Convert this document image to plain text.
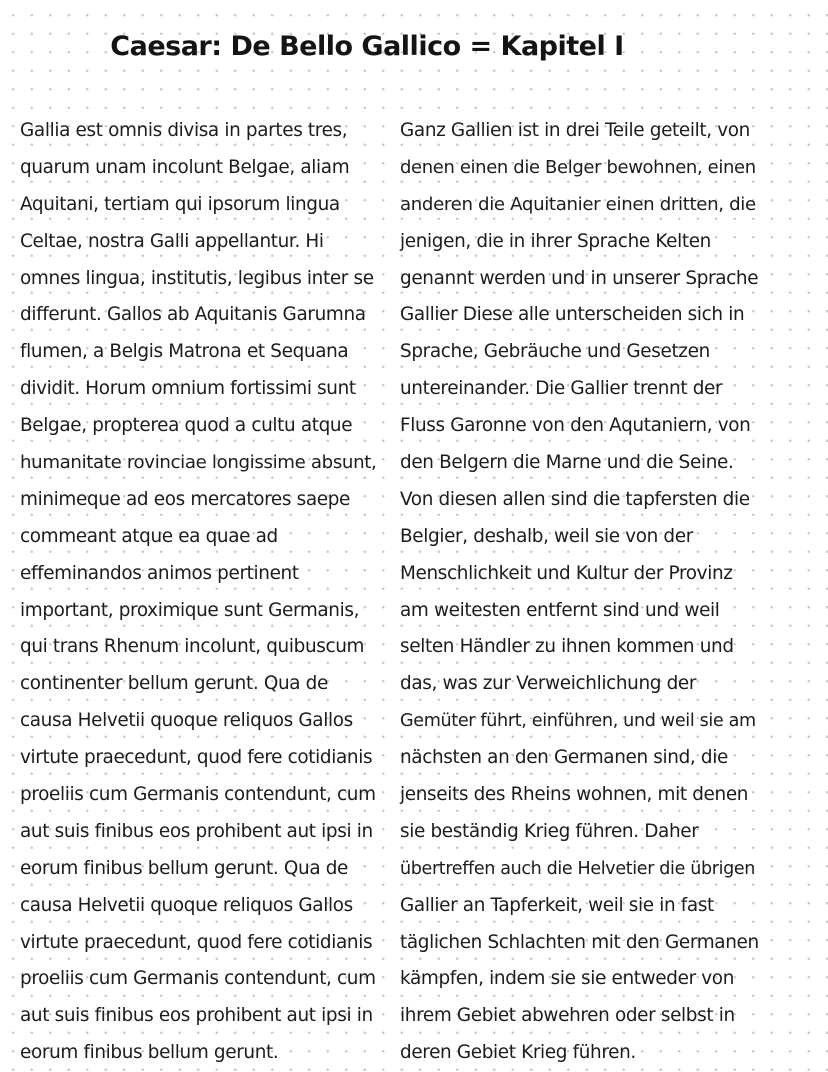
Caesar: De Bello Gallico = Kapitel I
Gallia est omnis divisa in partes tres,
quarum unam incolunt Belgae, aliam
Aquitani, tertiam qui ipsorum lingua
Celtae, nostra Galli appellantur. Hi
omnes lingua, institutis, legibus inter se
differunt. Gallos ab Aquitanis Garumna
flumen, a Belgis Matrona et Sequana
dividit. Horum omnium fortissimi sunt
Belgae, propterea quod a cultu atque
humanitate rovinciae longissime absunt,
minimeque ad eos mercatores saepe
commeant atque ea quae ad
effeminandos animos pertinent
important, proximique sunt Germanis,
qui trans Rhenum incolunt, quibuscum
continenter bellum gerunt. Qua de
causa Helvetii quoque reliquos Gallos
virtute praecedunt, quod fere cotidianis
proeliis cum Germanis contendunt, cum
aut suis finibus eos prohibent aut ipsi in
eorum finibus bellum gerunt. Qua de
causa Helvetii quoque reliquos Gallos
virtute praecedunt, quod fere cotidianis
proeliis cum Germanis contendunt, cum
aut suis finibus eos prohibent aut ipsi in
eorum finibus bellum gerunt.
Ganz Gallien ist in drei Teile geteilt, von
denen einen die Belger bewohnen, einen
anderen die Aquitanier einen dritten, die
jenigen, die in ihrer Sprache Kelten
genannt werden und in unserer Sprache
Gallier Diese alle unterscheiden sich in
Sprache, Gebräuche und Gesetzen
untereinander. Die Gallier trennt der
Fluss Garonne von den Aqutaniern, von
den Belgern die Marne und die Seine.
Von diesen allen sind die tapfersten die
Belgier, deshalb, weil sie von der
Menschlichkeit und Kultur der Provinz
am weitesten entfernt sind und weil
selten Händler zu ihnen kommen und
das, was zur Verweichlichung der
Gemüter führt, einführen, und weil sie am
nächsten an den Germanen sind, die
jenseits des Rheins wohnen, mit denen
sie beständig Krieg führen. Daher
übertreffen auch die Helvetier die übrigen
Gallier an Tapferkeit, weil sie in fast
täglichen Schlachten mit den Germanen
kämpfen, indem sie sie entweder von
ihrem Gebiet abwehren oder selbst in
deren Gebiet Krieg führen.
